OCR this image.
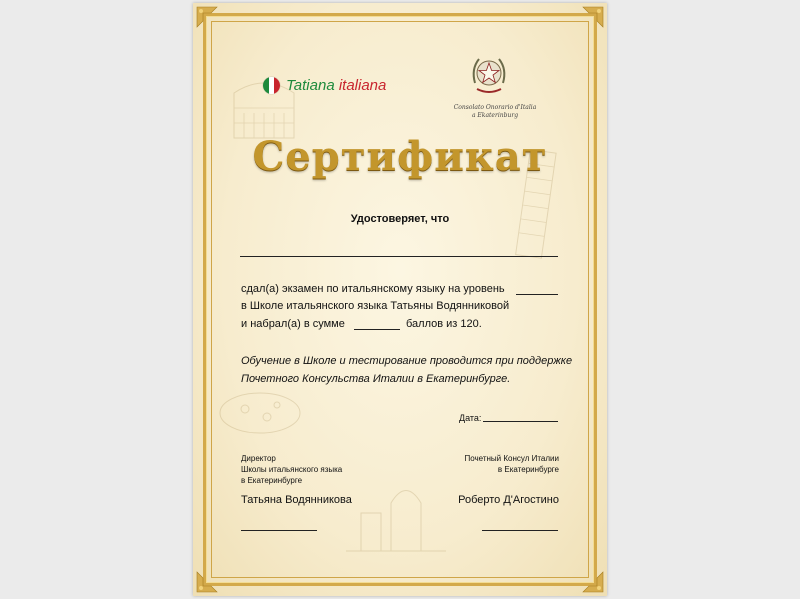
Tatiana italiana
Consolato Onorario d'Italia
a Ekaterinburg
Сертификат
Удостоверяет, что
сдал(а) экзамен по итальянскому языку на уровень
в Школе итальянского языка Татьяны Водянниковой
и набрал(а) в сумме	баллов из 120.
Обучение в Школе и тестирование проводится при поддержке
Почетного Консульства Италии в Екатеринбурге.
Дата:
Директор
Школы итальянского языка
в Екатеринбурге
Татьяна Водянникова
Почетный Консул Италии
в Екатеринбурге
Роберто Д'Агостино
